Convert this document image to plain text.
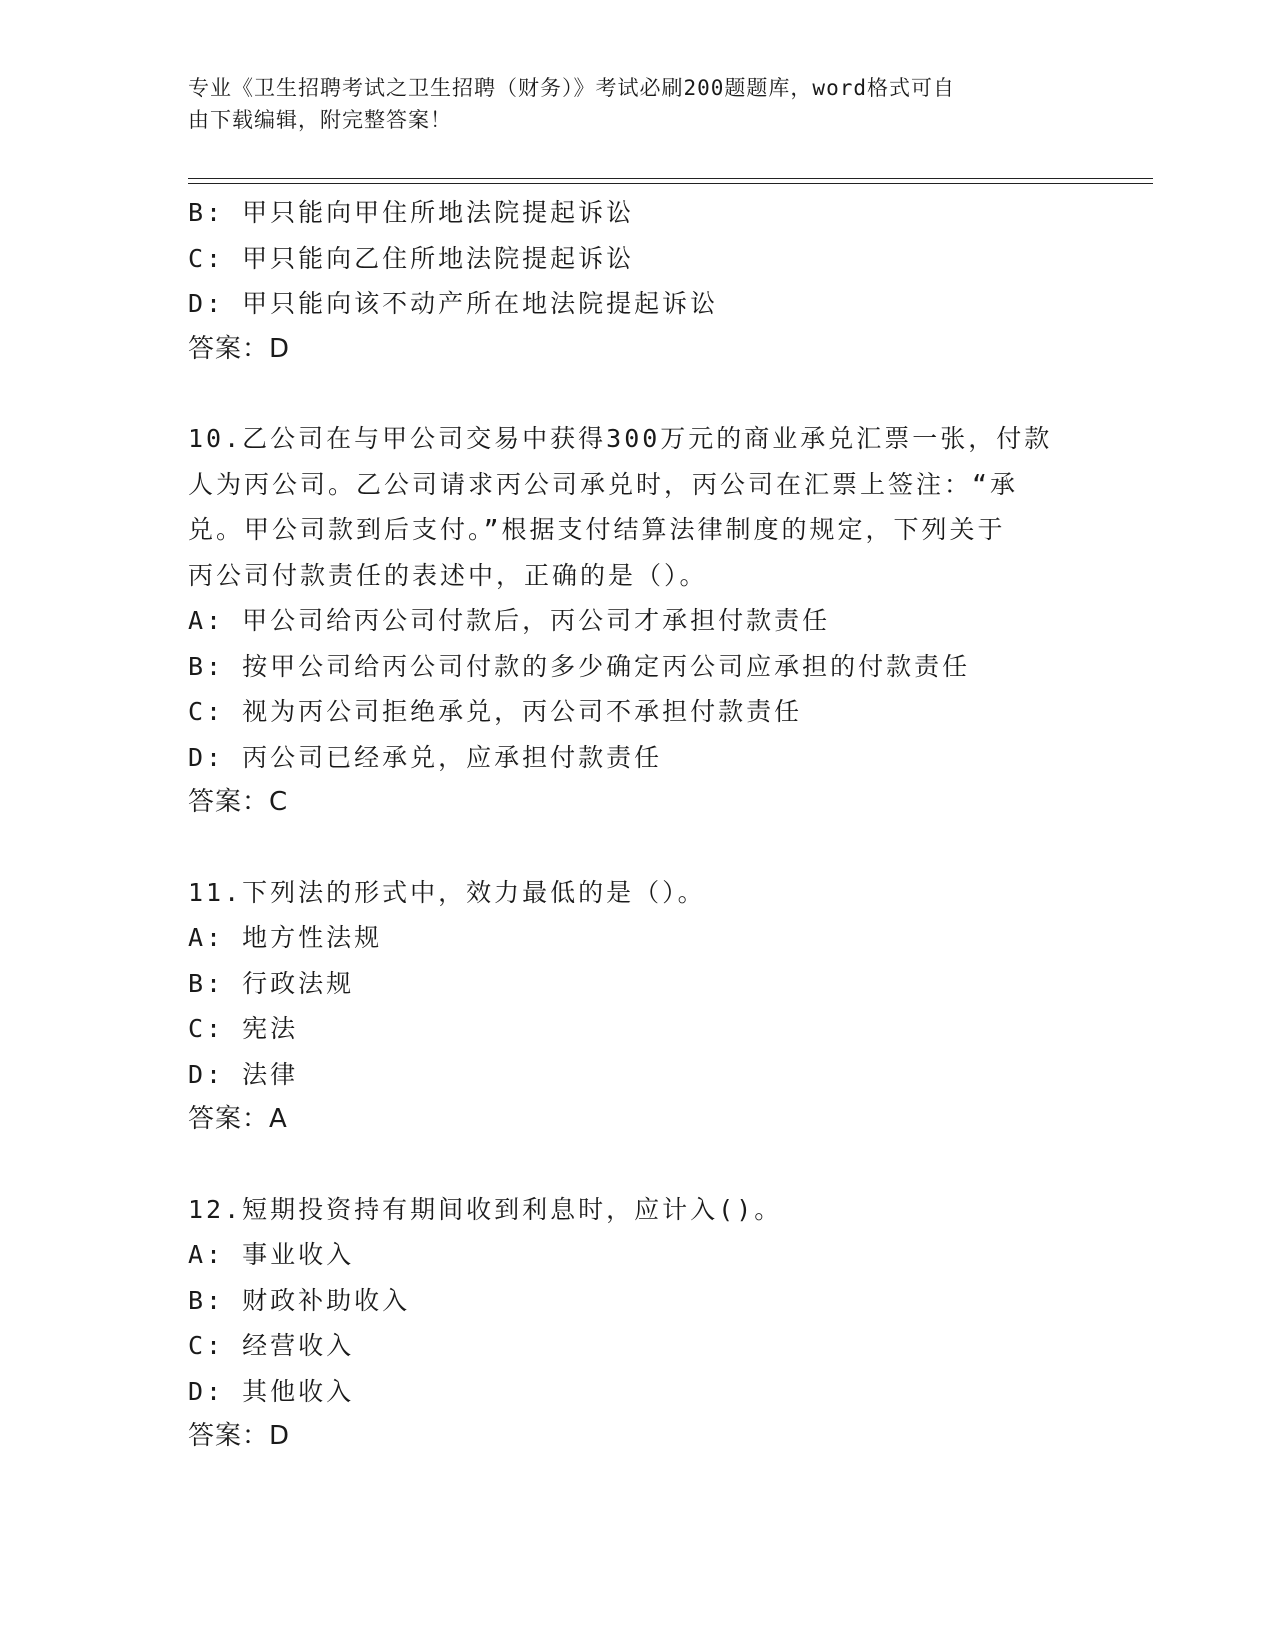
专业《卫生招聘考试之卫生招聘（财务）》考试必刷200题题库，word格式可自
由下载编辑，附完整答案！
B: 甲只能向甲住所地法院提起诉讼
C: 甲只能向乙住所地法院提起诉讼
D: 甲只能向该不动产所在地法院提起诉讼
答案：D
10.乙公司在与甲公司交易中获得300万元的商业承兑汇票一张，付款
人为丙公司。乙公司请求丙公司承兑时，丙公司在汇票上签注：“承
兑。甲公司款到后支付。”根据支付结算法律制度的规定，下列关于
丙公司付款责任的表述中，正确的是（）。
A: 甲公司给丙公司付款后，丙公司才承担付款责任
B: 按甲公司给丙公司付款的多少确定丙公司应承担的付款责任
C: 视为丙公司拒绝承兑，丙公司不承担付款责任
D: 丙公司已经承兑，应承担付款责任
答案：C
11.下列法的形式中，效力最低的是（）。
A: 地方性法规
B: 行政法规
C: 宪法
D: 法律
答案：A
12.短期投资持有期间收到利息时，应计入()。
A: 事业收入
B: 财政补助收入
C: 经营收入
D: 其他收入
答案：D
